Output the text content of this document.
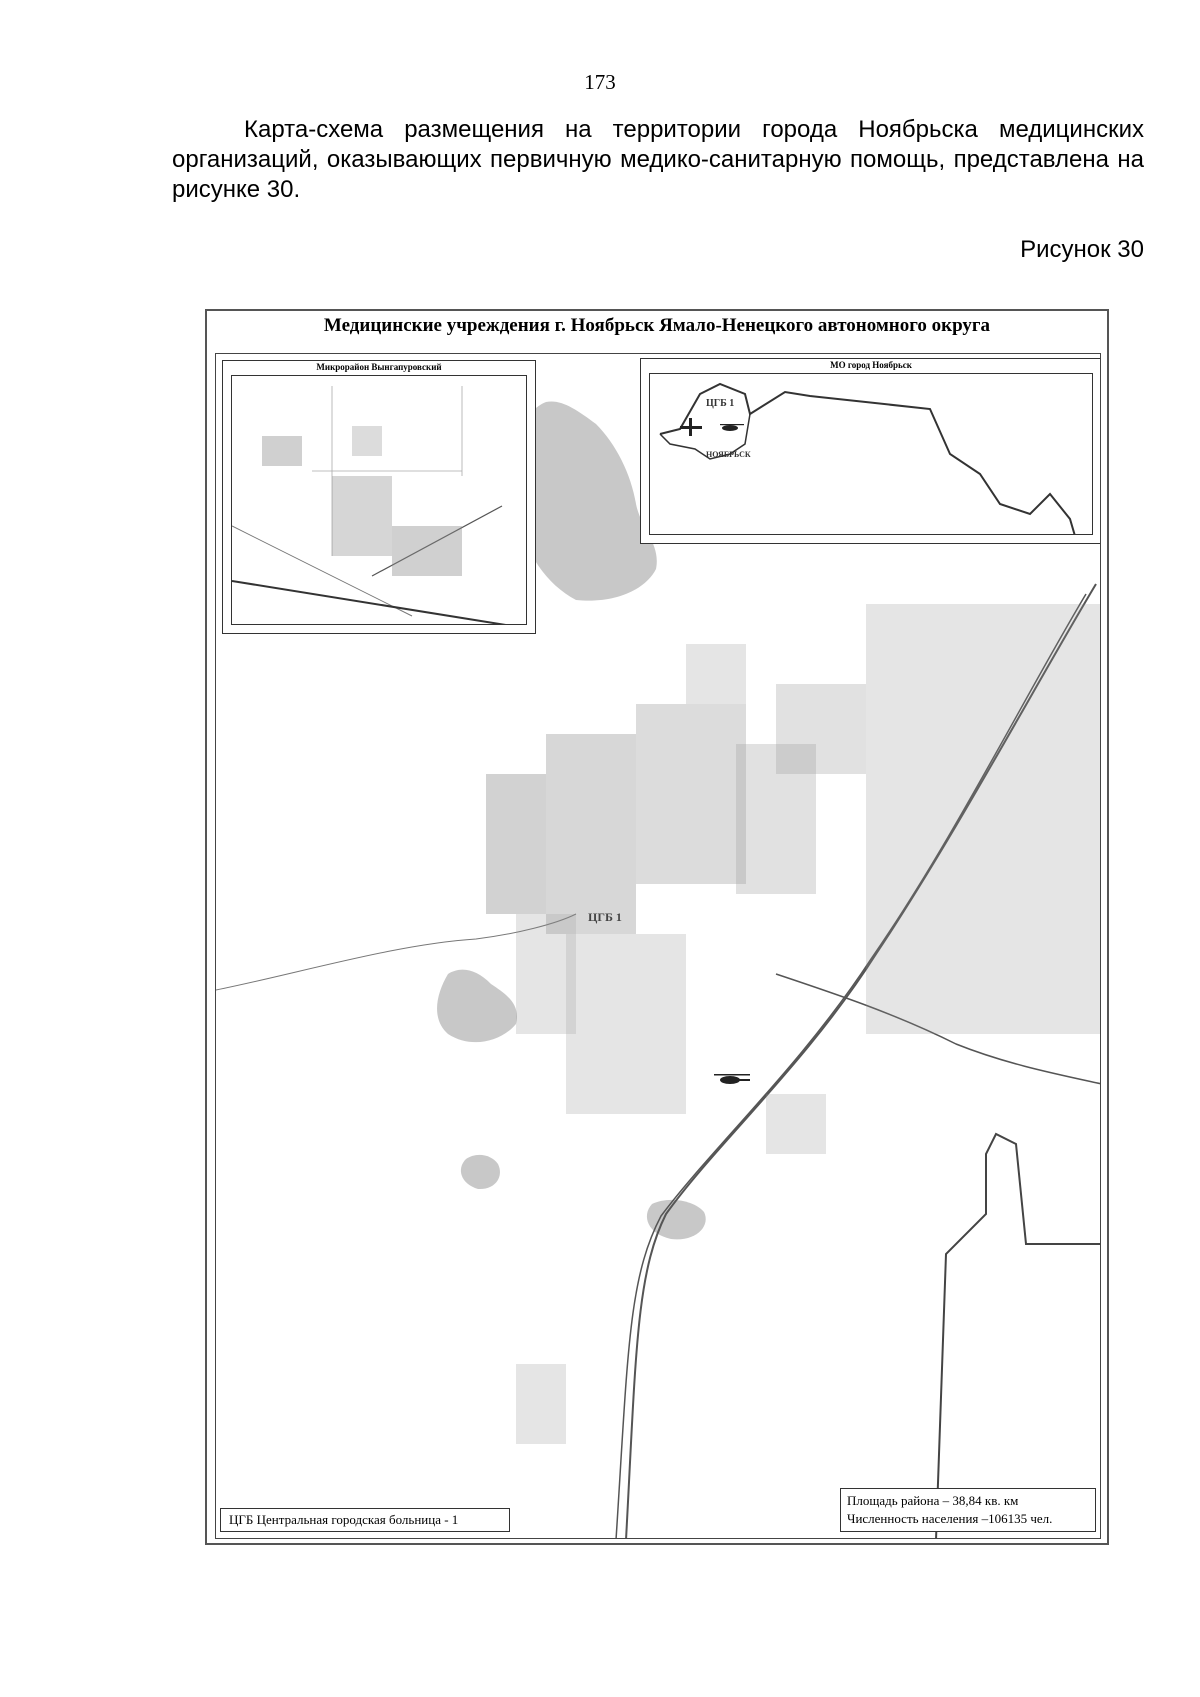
173

Карта-схема размещения на территории города Ноябрьска медицинских организаций, оказывающих первичную медико-санитарную помощь, представлена на рисунке 30.

Рисунок 30
Медицинские учреждения г. Ноябрьск Ямало-Ненецкого автономного округа
ЦГБ 1
Микрорайон Вынгапуровский	МО город Ноябрьск
ЦГБ 1
НОЯБРЬСК
ЦГБ Центральная городская больница - 1
Площадь района – 38,84 кв. км
Численность населения –106135 чел.
